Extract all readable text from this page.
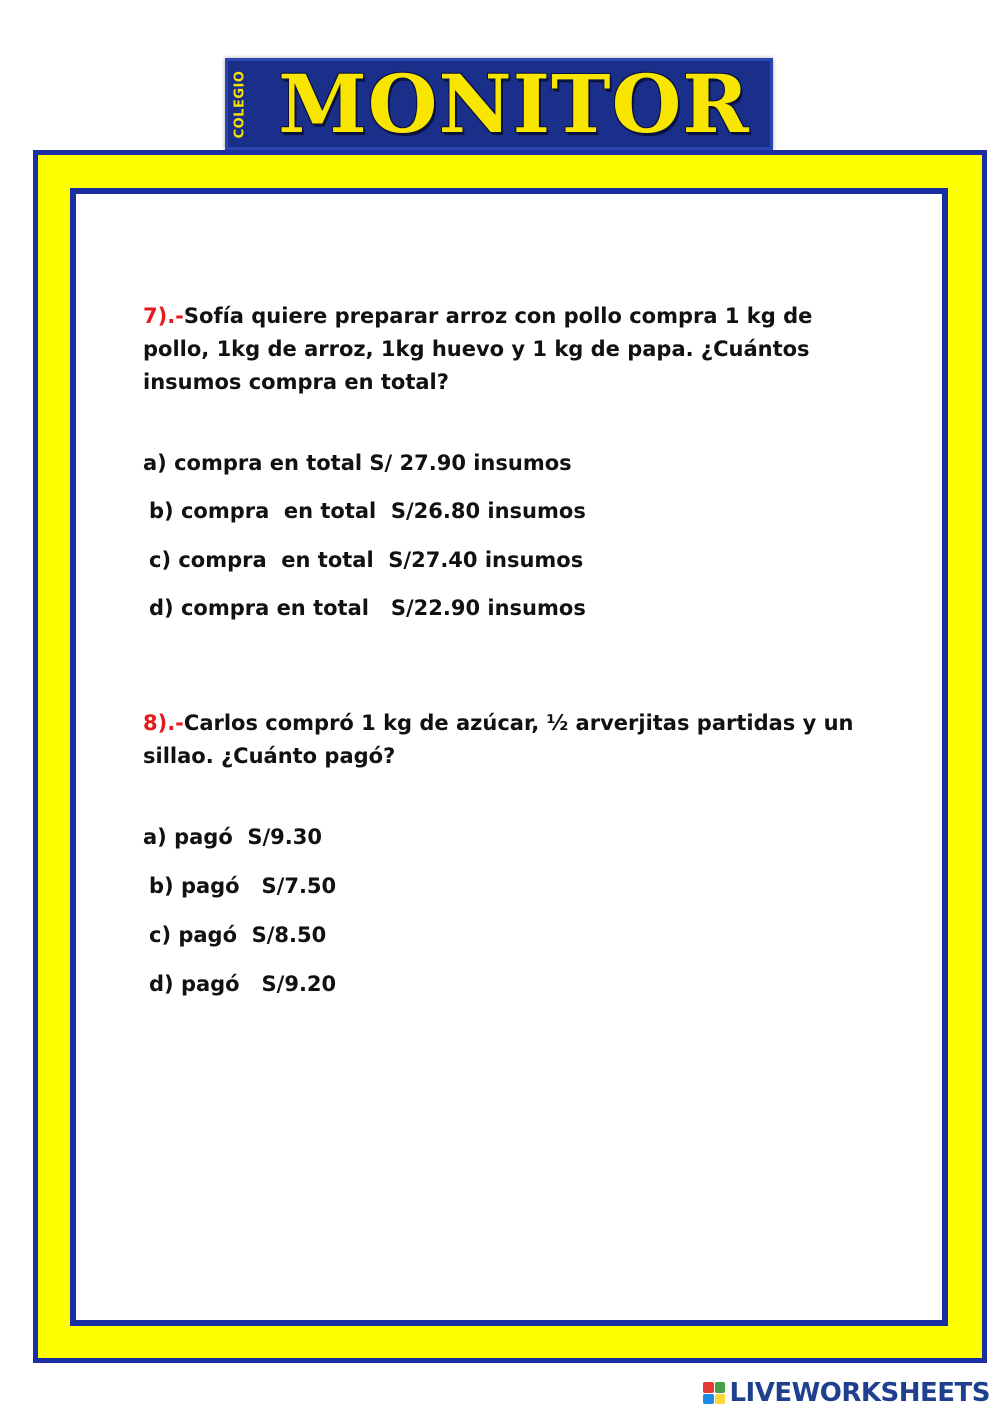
COLEGIO MONITOR
7).-Sofía quiere preparar arroz con pollo compra 1 kg de pollo, 1kg de arroz, 1kg huevo y 1 kg de papa. ¿Cuántos insumos compra en total?
a) compra en total S/ 27.90 insumos
b) compra  en total  S/26.80 insumos
c) compra  en total  S/27.40 insumos
d) compra en total   S/22.90 insumos
8).-Carlos compró 1 kg de azúcar, ½ arverjitas partidas y un sillao. ¿Cuánto pagó?
a) pagó  S/9.30
b) pagó   S/7.50
c) pagó  S/8.50
d) pagó   S/9.20
LIVEWORKSHEETS
